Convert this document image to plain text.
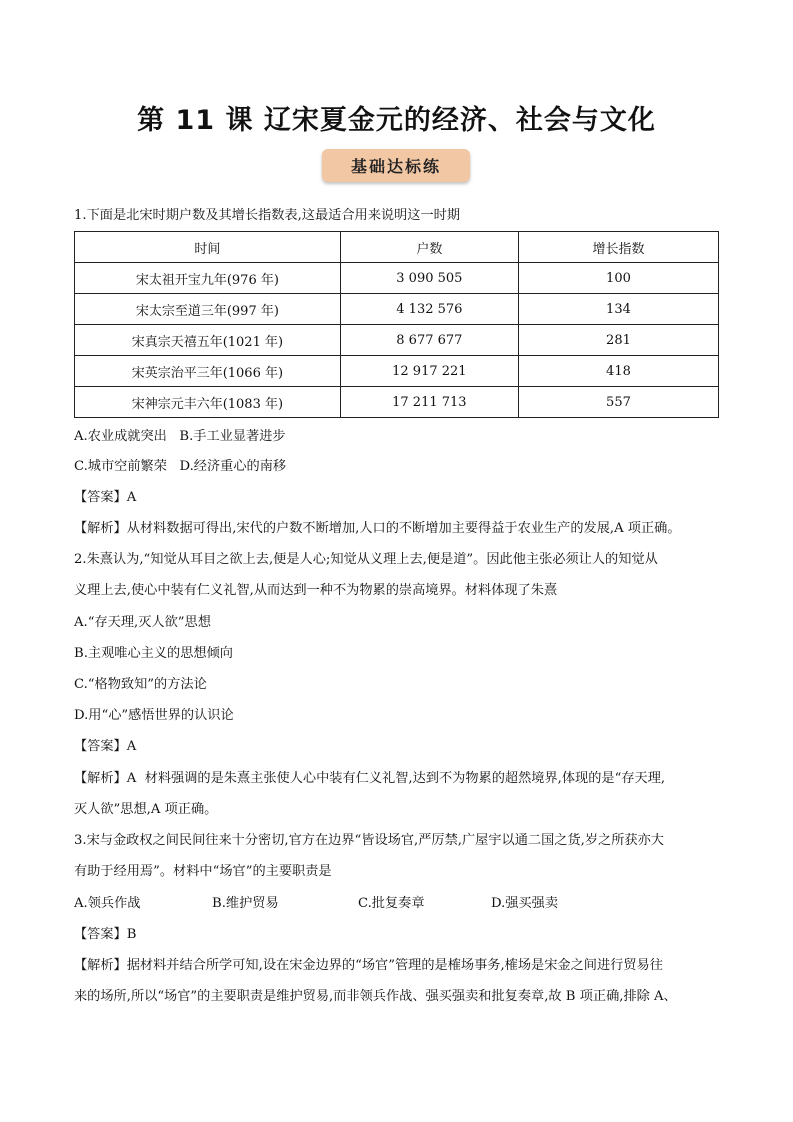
第 11 课 辽宋夏金元的经济、社会与文化
基础达标练
1.下面是北宋时期户数及其增长指数表,这最适合用来说明这一时期
时间	户数	增长指数
宋太祖开宝九年(976 年)	3 090 505	100
宋太宗至道三年(997 年)	4 132 576	134
宋真宗天禧五年(1021 年)	8 677 677	281
宋英宗治平三年(1066 年)	12 917 221	418
宋神宗元丰六年(1083 年)	17 211 713	557
A.农业成就突出   B.手工业显著进步
C.城市空前繁荣   D.经济重心的南移
【答案】A
【解析】从材料数据可得出,宋代的户数不断增加,人口的不断增加主要得益于农业生产的发展,A 项正确。
2.朱熹认为,“知觉从耳目之欲上去,便是人心;知觉从义理上去,便是道”。因此他主张必须让人的知觉从
义理上去,使心中装有仁义礼智,从而达到一种不为物累的崇高境界。材料体现了朱熹
A.“存天理,灭人欲”思想
B.主观唯心主义的思想倾向
C.“格物致知”的方法论
D.用“心”感悟世界的认识论
【答案】A
【解析】A  材料强调的是朱熹主张使人心中装有仁义礼智,达到不为物累的超然境界,体现的是“存天理,
灭人欲”思想,A 项正确。
3.宋与金政权之间民间往来十分密切,官方在边界“皆设场官,严厉禁,广屋宇以通二国之货,岁之所获亦大
有助于经用焉”。材料中“场官”的主要职责是
A.领兵作战	B.维护贸易	C.批复奏章	D.强买强卖
【答案】B
【解析】据材料并结合所学可知,设在宋金边界的“场官”管理的是榷场事务,榷场是宋金之间进行贸易往
来的场所,所以“场官”的主要职责是维护贸易,而非领兵作战、强买强卖和批复奏章,故 B 项正确,排除 A、
